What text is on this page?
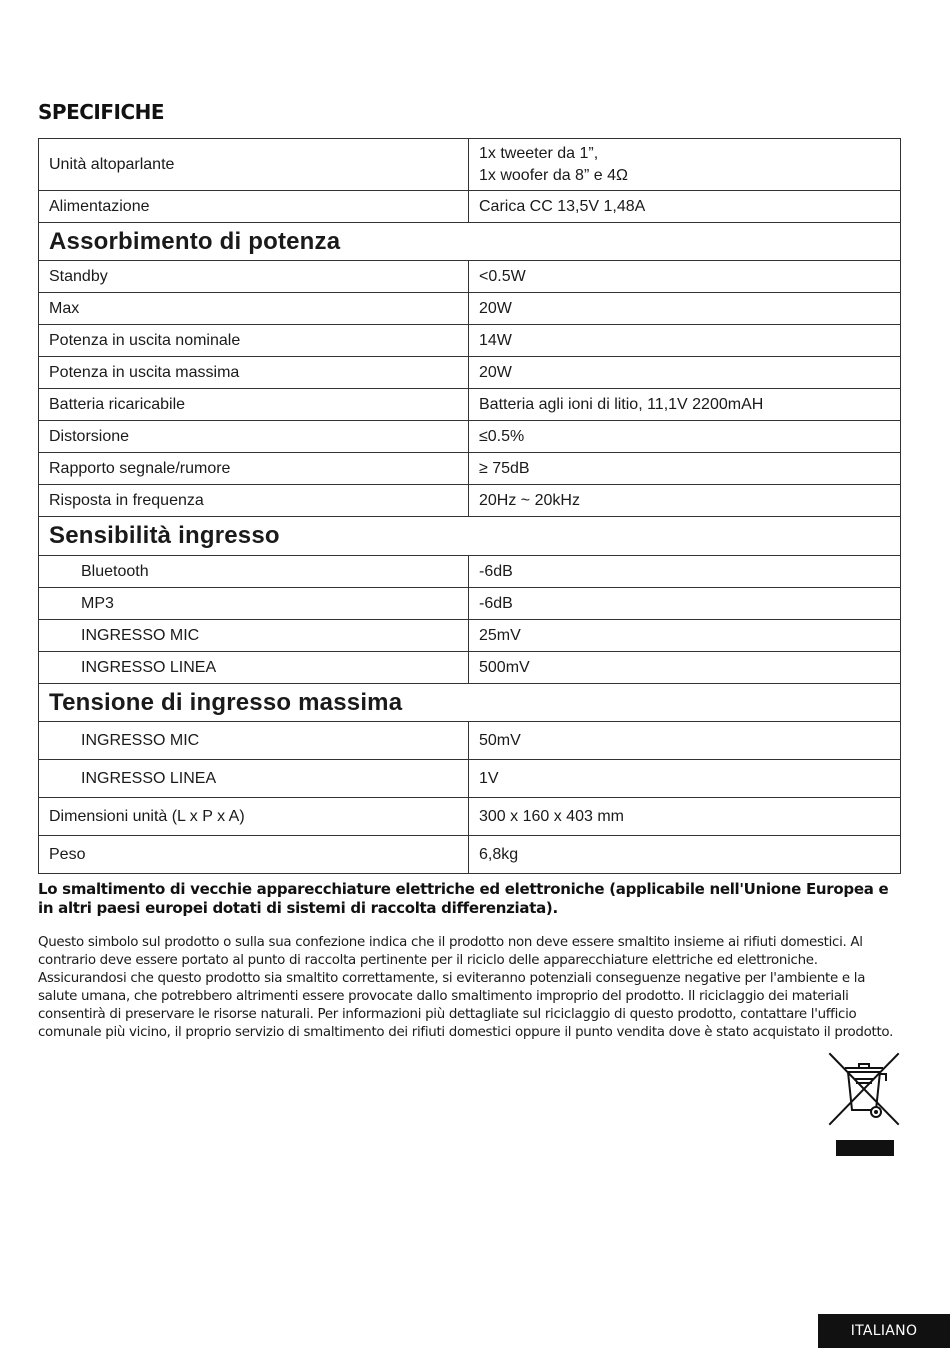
SPECIFICHE
Unità altoparlante	1x tweeter da 1”,
1x woofer da 8” e 4Ω

Alimentazione	Carica CC 13,5V 1,48A
Assorbimento di potenza	
Standby	<0.5W
Max	20W
Potenza in uscita nominale	14W
Potenza in uscita massima	20W
Batteria ricaricabile	Batteria agli ioni di litio, 11,1V 2200mAH
Distorsione	≤0.5%
Rapporto segnale/rumore	≥ 75dB
Risposta in frequenza	20Hz ~ 20kHz
Sensibilità ingresso	
Bluetooth	-6dB
MP3	-6dB
INGRESSO MIC	25mV
INGRESSO LINEA	500mV
Tensione di ingresso massima	
INGRESSO MIC	50mV
INGRESSO LINEA	1V
Dimensioni unità (L x P x A)	300 x 160 x 403 mm
Peso	6,8kg
Lo smaltimento di vecchie apparecchiature elettriche ed elettroniche (applicabile nell'Unione Europea e in altri paesi europei dotati di sistemi di raccolta differenziata).
Questo simbolo sul prodotto o sulla sua confezione indica che il prodotto non deve essere smaltito insieme ai rifiuti domestici. Al contrario deve essere portato al punto di raccolta pertinente per il riciclo delle apparecchiature elettriche ed elettroniche. Assicurandosi che questo prodotto sia smaltito correttamente, si eviteranno potenziali conseguenze negative per l'ambiente e la salute umana, che potrebbero altrimenti essere provocate dallo smaltimento improprio del prodotto. Il riciclaggio dei materiali consentirà di preservare le risorse naturali. Per informazioni più dettagliate sul riciclaggio di questo prodotto, contattare l'ufficio comunale più vicino, il proprio servizio di smaltimento dei rifiuti domestici oppure il punto vendita dove è stato acquistato il prodotto.
ITALIANO
